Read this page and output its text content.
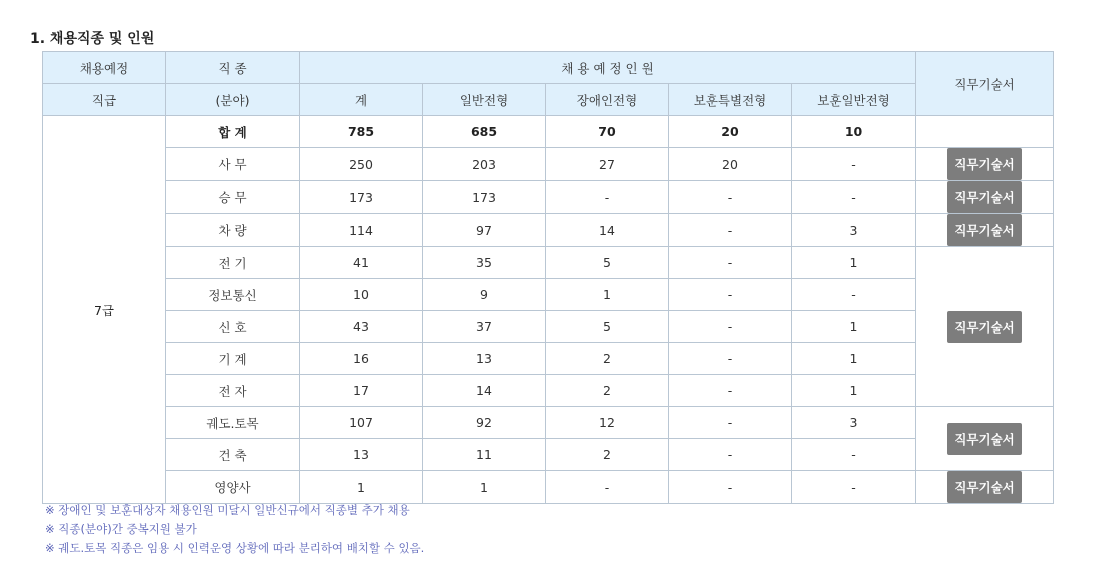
1. 채용직종 및 인원
채용예정	직 종	채 용 예 정 인 원					직무기술서
직급	(분야)	계	일반전형	장애인전형	보훈특별전형	보훈일반전형	
7급	합 계	785	685	70	20	10	
	사 무	250	203	27	20	-	직무기술서
	승 무	173	173	-	-	-	직무기술서
	차 량	114	97	14	-	3	직무기술서
	전 기	41	35	5	-	1	직무기술서
	정보통신	10	9	1	-	-	
	신 호	43	37	5	-	1	
	기 계	16	13	2	-	1	
	전 자	17	14	2	-	1	
	궤도.토목	107	92	12	-	3	직무기술서
	건 축	13	11	2	-	-	
	영양사	1	1	-	-	-	직무기술서
※ 장애인 및 보훈대상자 채용인원 미달시 일반신규에서 직종별 추가 채용
※ 직종(분야)간 중복지원 불가
※ 궤도.토목 직종은 임용 시 인력운영 상황에 따라 분리하여 배치할 수 있음.
